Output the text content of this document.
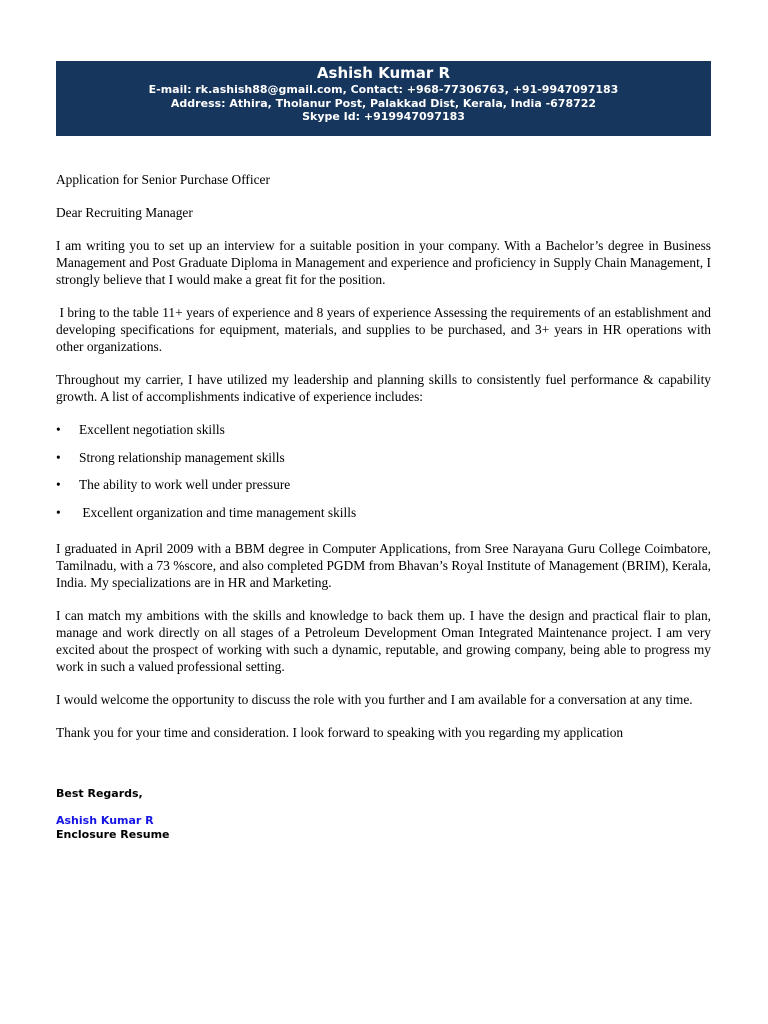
Ashish Kumar R
E-mail: rk.ashish88@gmail.com, Contact: +968-77306763, +91-9947097183
Address: Athira, Tholanur Post, Palakkad Dist, Kerala, India -678722
Skype Id: +919947097183

Application for Senior Purchase Officer

Dear Recruiting Manager

I am writing you to set up an interview for a suitable position in your company. With a Bachelor’s degree in Business Management and Post Graduate Diploma in Management and experience and proficiency in Supply Chain Management, I strongly believe that I would make a great fit for the position.

I bring to the table 11+ years of experience and 8 years of experience Assessing the requirements of an establishment and developing specifications for equipment, materials, and supplies to be purchased, and 3+ years in HR operations with other organizations.

Throughout my carrier, I have utilized my leadership and planning skills to consistently fuel performance & capability growth. A list of accomplishments indicative of experience includes:

• Excellent negotiation skills
• Strong relationship management skills
• The ability to work well under pressure
• Excellent organization and time management skills

I graduated in April 2009 with a BBM degree in Computer Applications, from Sree Narayana Guru College Coimbatore, Tamilnadu, with a 73 %score, and also completed PGDM from Bhavan’s Royal Institute of Management (BRIM), Kerala, India. My specializations are in HR and Marketing.

I can match my ambitions with the skills and knowledge to back them up. I have the design and practical flair to plan, manage and work directly on all stages of a Petroleum Development Oman Integrated Maintenance project. I am very excited about the prospect of working with such a dynamic, reputable, and growing company, being able to progress my work in such a valued professional setting.

I would welcome the opportunity to discuss the role with you further and I am available for a conversation at any time.

Thank you for your time and consideration. I look forward to speaking with you regarding my application

Best Regards,
Ashish Kumar R
Enclosure Resume
